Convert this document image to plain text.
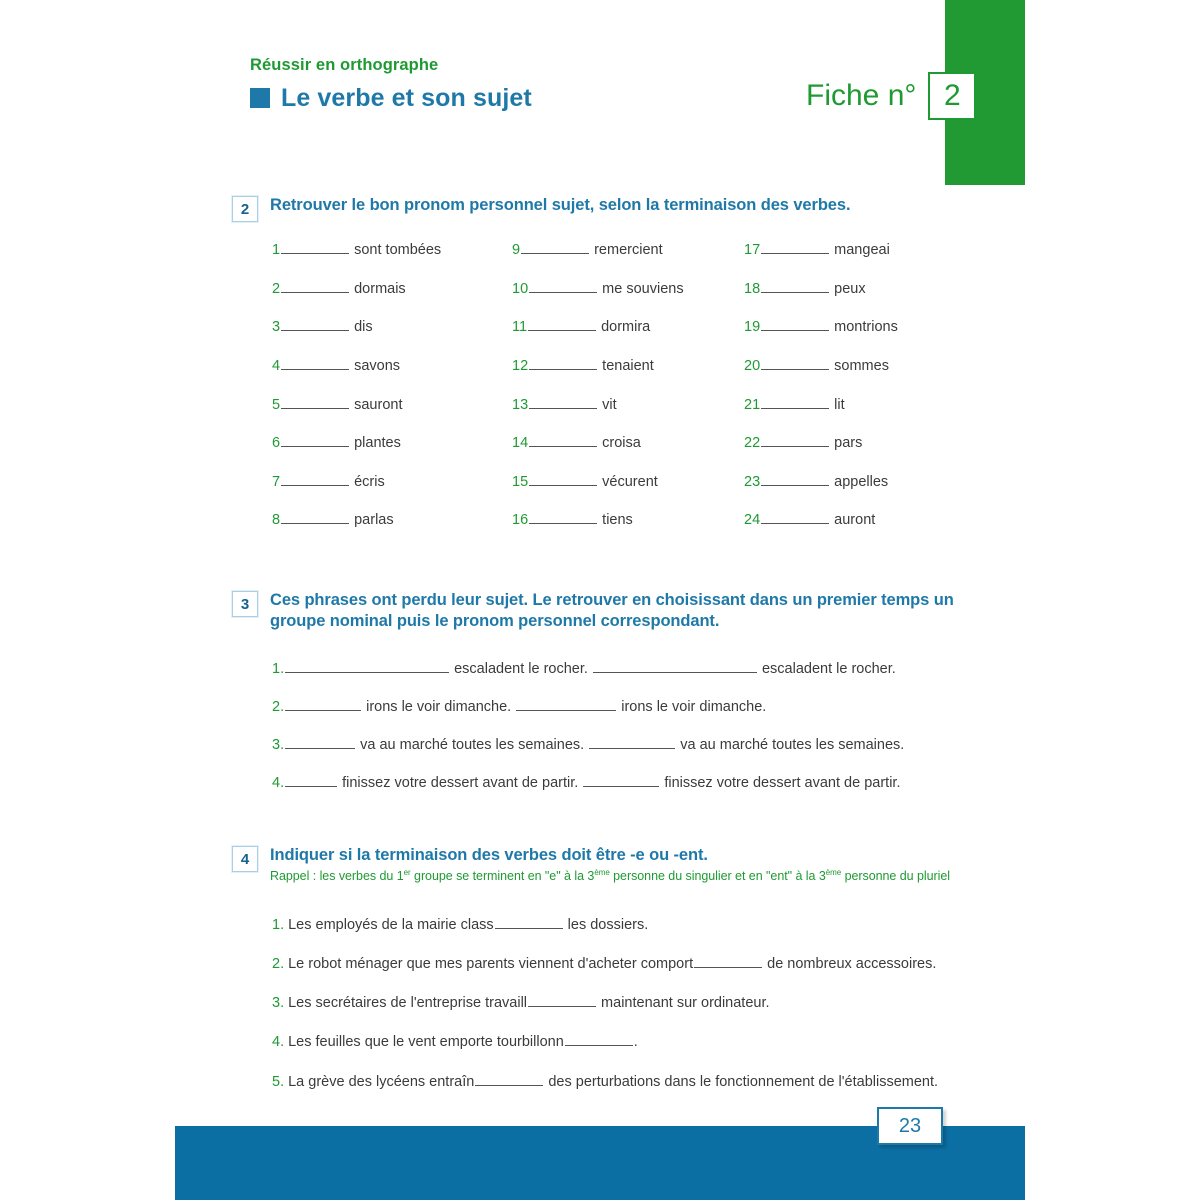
Réussir en orthographe
Le verbe et son sujet	Fiche n° 2
2	Retrouver le bon pronom personnel sujet, selon la terminaison des verbes.
1	sont tombées	9	remercient	17	mangeai
2	dormais	10	me souviens	18	peux
3	dis	11	dormira	19	montrions
4	savons	12	tenaient	20	sommes
5	sauront	13	vit	21	lit
6	plantes	14	croisa	22	pars
7	écris	15	vécurent	23	appelles
8	parlas	16	tiens	24	auront
3	Ces phrases ont perdu leur sujet. Le retrouver en choisissant dans un premier temps un groupe nominal puis le pronom personnel correspondant.
1.	escaladent le rocher.	escaladent le rocher.
2.	irons le voir dimanche.	irons le voir dimanche.
3.	va au marché toutes les semaines.	va au marché toutes les semaines.
4.	finissez votre dessert avant de partir.	finissez votre dessert avant de partir.
4	Indiquer si la terminaison des verbes doit être -e ou -ent.
Rappel : les verbes du 1er groupe se terminent en "e" à la 3ème personne du singulier et en "ent" à la 3ème personne du pluriel
1. Les employés de la mairie class	les dossiers.
2. Le robot ménager que mes parents viennent d'acheter comport	de nombreux accessoires.
3. Les secrétaires de l'entreprise travaill	maintenant sur ordinateur.
4. Les feuilles que le vent emporte tourbillonn	.
5. La grève des lycéens entraîn	des perturbations dans le fonctionnement de l'établissement.
23
